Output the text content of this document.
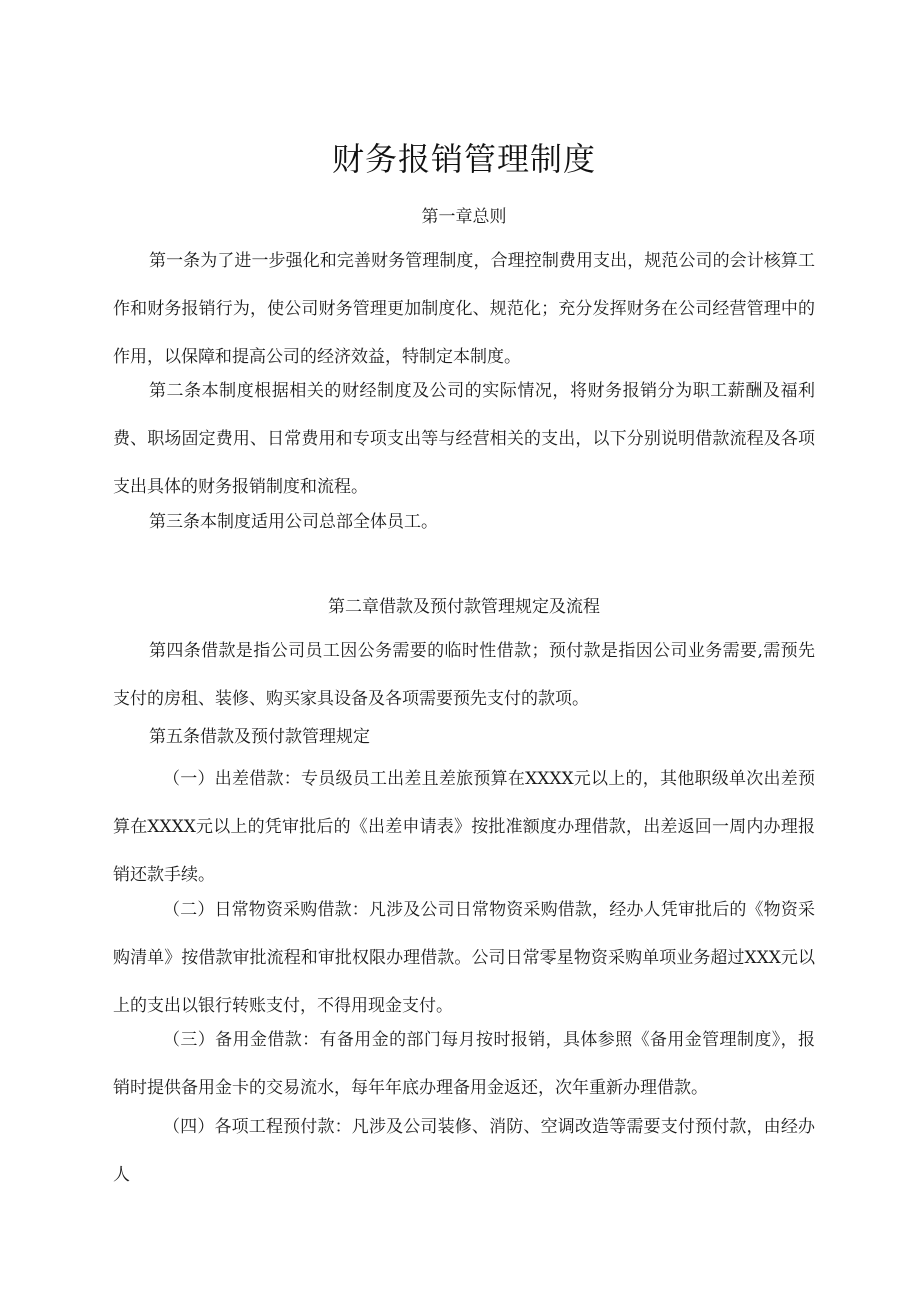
财务报销管理制度
第一章总则

第一条为了进一步强化和完善财务管理制度，合理控制费用支出，规范公司的会计核算工作和财务报销行为，使公司财务管理更加制度化、规范化；充分发挥财务在公司经营管理中的作用，以保障和提高公司的经济效益，特制定本制度。

第二条本制度根据相关的财经制度及公司的实际情况，将财务报销分为职工薪酬及福利费、职场固定费用、日常费用和专项支出等与经营相关的支出，以下分别说明借款流程及各项支出具体的财务报销制度和流程。

第三条本制度适用公司总部全体员工。

第二章借款及预付款管理规定及流程

第四条借款是指公司员工因公务需要的临时性借款；预付款是指因公司业务需要,需预先支付的房租、装修、购买家具设备及各项需要预先支付的款项。

第五条借款及预付款管理规定

（一）出差借款：专员级员工出差且差旅预算在XXXX元以上的，其他职级单次出差预算在XXXX元以上的凭审批后的《出差申请表》按批准额度办理借款，出差返回一周内办理报销还款手续。

（二）日常物资采购借款：凡涉及公司日常物资采购借款，经办人凭审批后的《物资采购清单》按借款审批流程和审批权限办理借款。公司日常零星物资采购单项业务超过XXX元以上的支出以银行转账支付，不得用现金支付。

（三）备用金借款：有备用金的部门每月按时报销，具体参照《备用金管理制度》，报销时提供备用金卡的交易流水，每年年底办理备用金返还，次年重新办理借款。

（四）各项工程预付款：凡涉及公司装修、消防、空调改造等需要支付预付款，由经办人
